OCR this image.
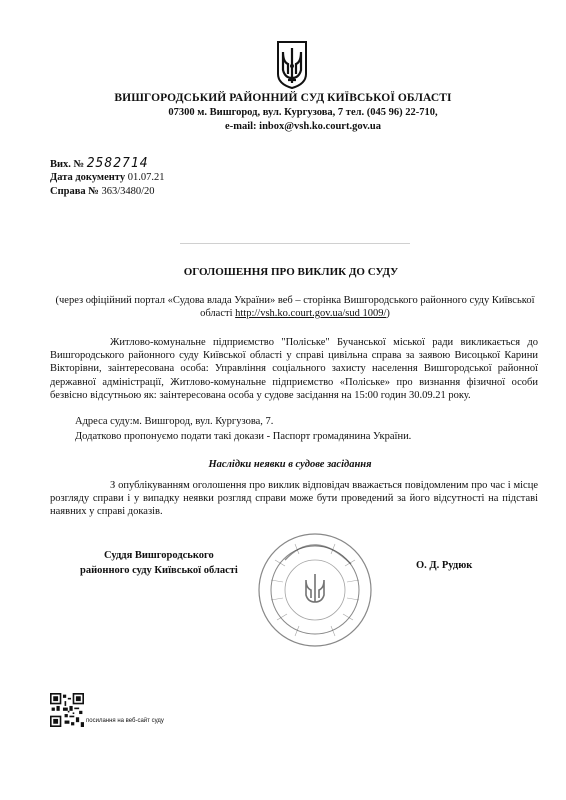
ВИШГОРОДСЬКИЙ РАЙОННИЙ СУД КИЇВСЬКОЇ ОБЛАСТІ
07300 м. Вишгород, вул. Кургузова, 7 тел. (045 96) 22-710,
e-mail: inbox@vsh.ko.court.gov.ua
Вих. № 2582714
Дата документу 01.07.21
Справа № 363/3480/20
ОГОЛОШЕННЯ ПРО ВИКЛИК ДО СУДУ
(через офіційний портал «Судова влада України» веб – сторінка Вишгородського районного суду Київської області http://vsh.ko.court.gov.ua/sud 1009/)
Житлово-комунальне підприємство "Поліське" Бучанської міської ради викликається до Вишгородського районного суду Київської області у справі цивільна справа за заявою Висоцької Карини Вікторівни, заінтересована особа: Управління соціального захисту населення Вишгородської районної державної адміністрації, Житлово-комунальне підприємство «Поліське» про визнання фізичної особи безвісно відсутньою як: заінтересована особа у судове засідання на 15:00 годин 30.09.21 року.
Адреса суду:м. Вишгород, вул. Кургузова, 7.
Додатково пропонуємо подати такі докази - Паспорт громадянина України.
Наслідки неявки в судове засідання
З опублікуванням оголошення про виклик відповідач вважається повідомленим про час і місце розгляду справи і у випадку неявки розгляд справи може бути проведений за його відсутності на підставі наявних у справі доказів.
Суддя Вишгородського
районного суду Київської області	О. Д. Рудюк
посилання на веб-сайт суду
